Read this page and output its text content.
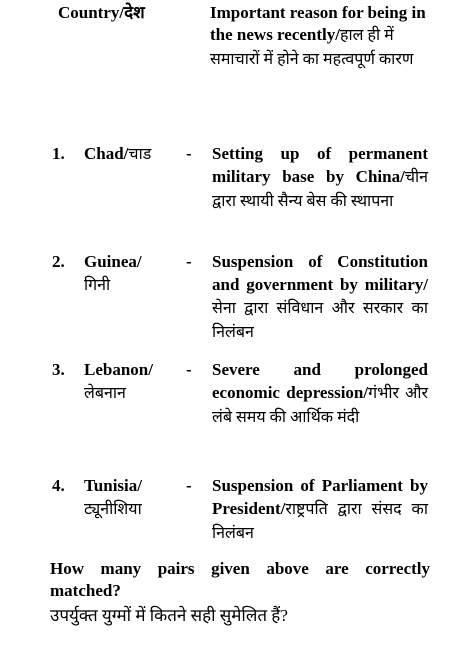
Country/देश	Important reason for being in the news recently/हाल ही में समाचारों में होने का महत्वपूर्ण कारण
1. Chad/चाड	- Setting up of permanent military base by China/चीन द्वारा स्थायी सैन्य बेस की स्थापना
2. Guinea/
गिनी
- Suspension of Constitution and government by military/सेना द्वारा संविधान और सरकार का निलंबन
3. Lebanon/
लेबनान
- Severe and prolonged economic depression/गंभीर और लंबे समय की आर्थिक मंदी
4. Tunisia/
ट्यूनीशिया
- Suspension of Parliament by President/राष्ट्रपति द्वारा संसद का निलंबन
How many pairs given above are correctly matched?
उपर्युक्त युग्मों में कितने सही सुमेलित हैं?
